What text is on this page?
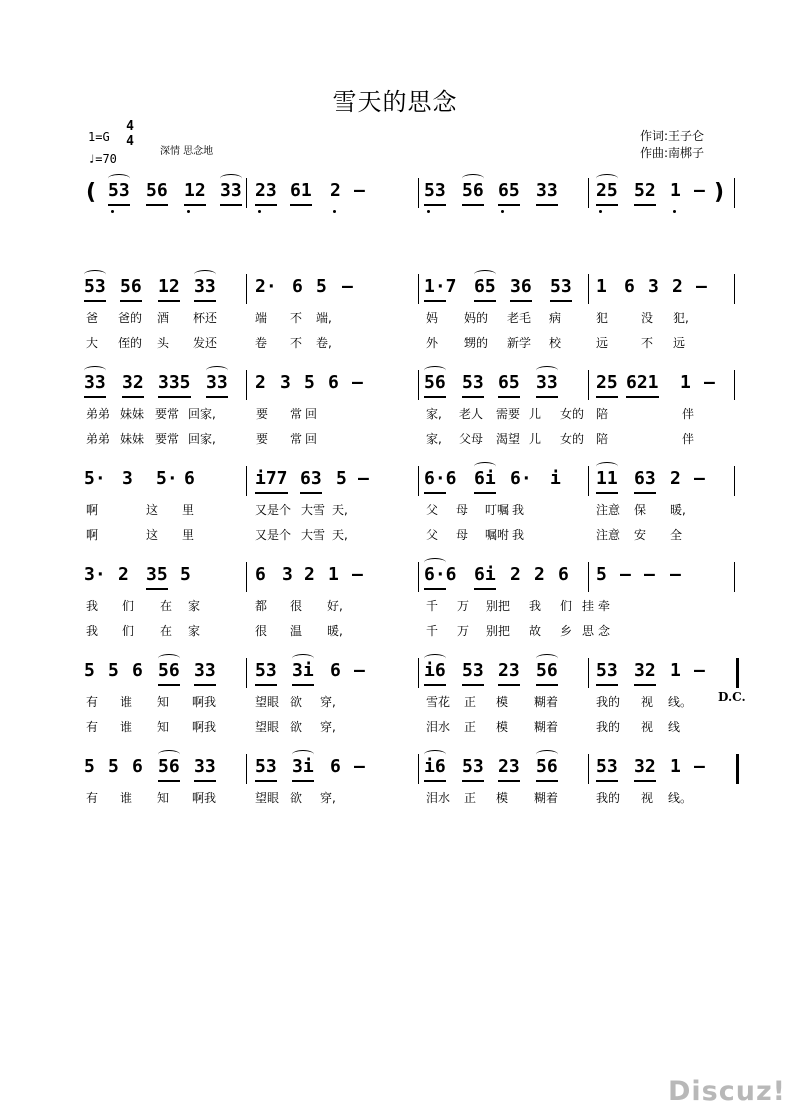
雪天的思念
1=G
4
4
♩=70
深情 思念地
作词:王子仑
作曲:南梆子
(	)
53 56 12 33 23 61 2 –	53 56 65 33 25 52 1 –
53 56 12 33 2· 6 5 –	1·7 65 36 53 1 6 3 2 –
爸 爸的 酒 杯还	端 不 端,	妈 妈的 老毛 病	犯	没 犯,
大 侄的 头 发还	卷 不 卷,	外 甥的 新学 校	远	不 远
33 32 335 33 2 3 5 6 –	56 53 65 33 25 621 1 –
弟弟 妹妹 要常 回家,	要 常 回	家, 老人 需要 儿 女的 陪	伴
弟弟 妹妹 要常 回家,	要 常 回	家, 父母 渴望 儿 女的 陪	伴
5· 3 5· 6	i77 63 5 –	6·6 6i 6· i 11 63 2 –
啊	这 里	又是个 大雪 天,	父 母 叮嘱 我	注意 保 暖,
啊	这 里	又是个 大雪 天,	父 母 嘱咐 我	注意 安 全
3· 2 35 5	6 3 2 1 –	6·6 6i 2 2 6 5 – – –
我 们 在 家	都 很 好,	千 万 别把 我 们 挂 牵
我 们 在 家	很 温 暖,	千 万 别把 故 乡 思 念
5 5 6 56 33 53 3i 6 –	i6 53 23 56 53 32 1 –
有 谁 知 啊我	望眼 欲 穿,	雪花 正 模 糊着	我的 视 线。
有 谁 知 啊我	望眼 欲 穿,	泪水 正 模 糊着	我的 视 线
D.C.
5 5 6 56 33 53 3i 6 –	i6 53 23 56 53 32 1 –
有 谁 知 啊我	望眼 欲 穿,	泪水 正 模 糊着	我的 视 线。
Discuz!
